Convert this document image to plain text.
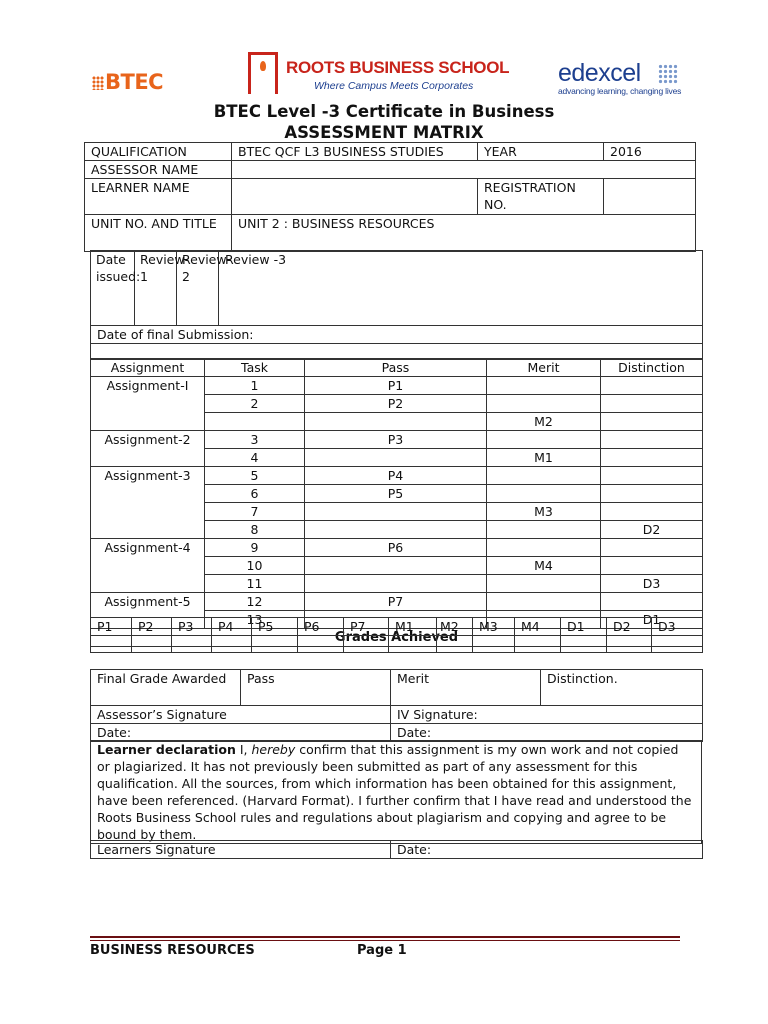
BTEC
ROOTS BUSINESS SCHOOL
Where Campus Meets Corporates	edexcel
advancing learning, changing lives
BTEC Level -3 Certificate in Business
ASSESSMENT MATRIX
QUALIFICATION	BTEC QCF L3 BUSINESS STUDIES	YEAR	2016
ASSESSOR NAME			
LEARNER NAME		REGISTRATION NO.	
UNIT NO. AND TITLE	UNIT 2 : BUSINESS RESOURCES		
Date issued:	Review-1	Review-2	Review -3
Date of final Submission:

Assignment	Task	Pass	Merit	Distinction
Assignment-I	1	P1		
	2	P2		
			M2	
Assignment-2	3	P3		
	4		M1	
Assignment-3	5	P4		
	6	P5		
	7		M3	
	8			D2
Assignment-4	9	P6		
	10		M4	
	11			D3
Assignment-5	12	P7		
	13			D1
Grades Achieved				
P1	P2	P3	P4	P5	P6	P7	M1	M2	M3	M4	D1	D2	D3

Final Grade Awarded	Pass	Merit	Distinction.
Assessor’s Signature		IV Signature:	
Date:		Date:	
Learner declaration I, hereby confirm that this assignment is my own work and not copied or plagiarized. It has not previously been submitted as part of any assessment for this qualification. All the sources, from which information has been obtained for this assignment, have been referenced. (Harvard Format). I further confirm that I have read and understood the Roots Business School rules and regulations about plagiarism and copying and agree to be bound by them.
Learners Signature	Date:
BUSINESS RESOURCES	Page 1
